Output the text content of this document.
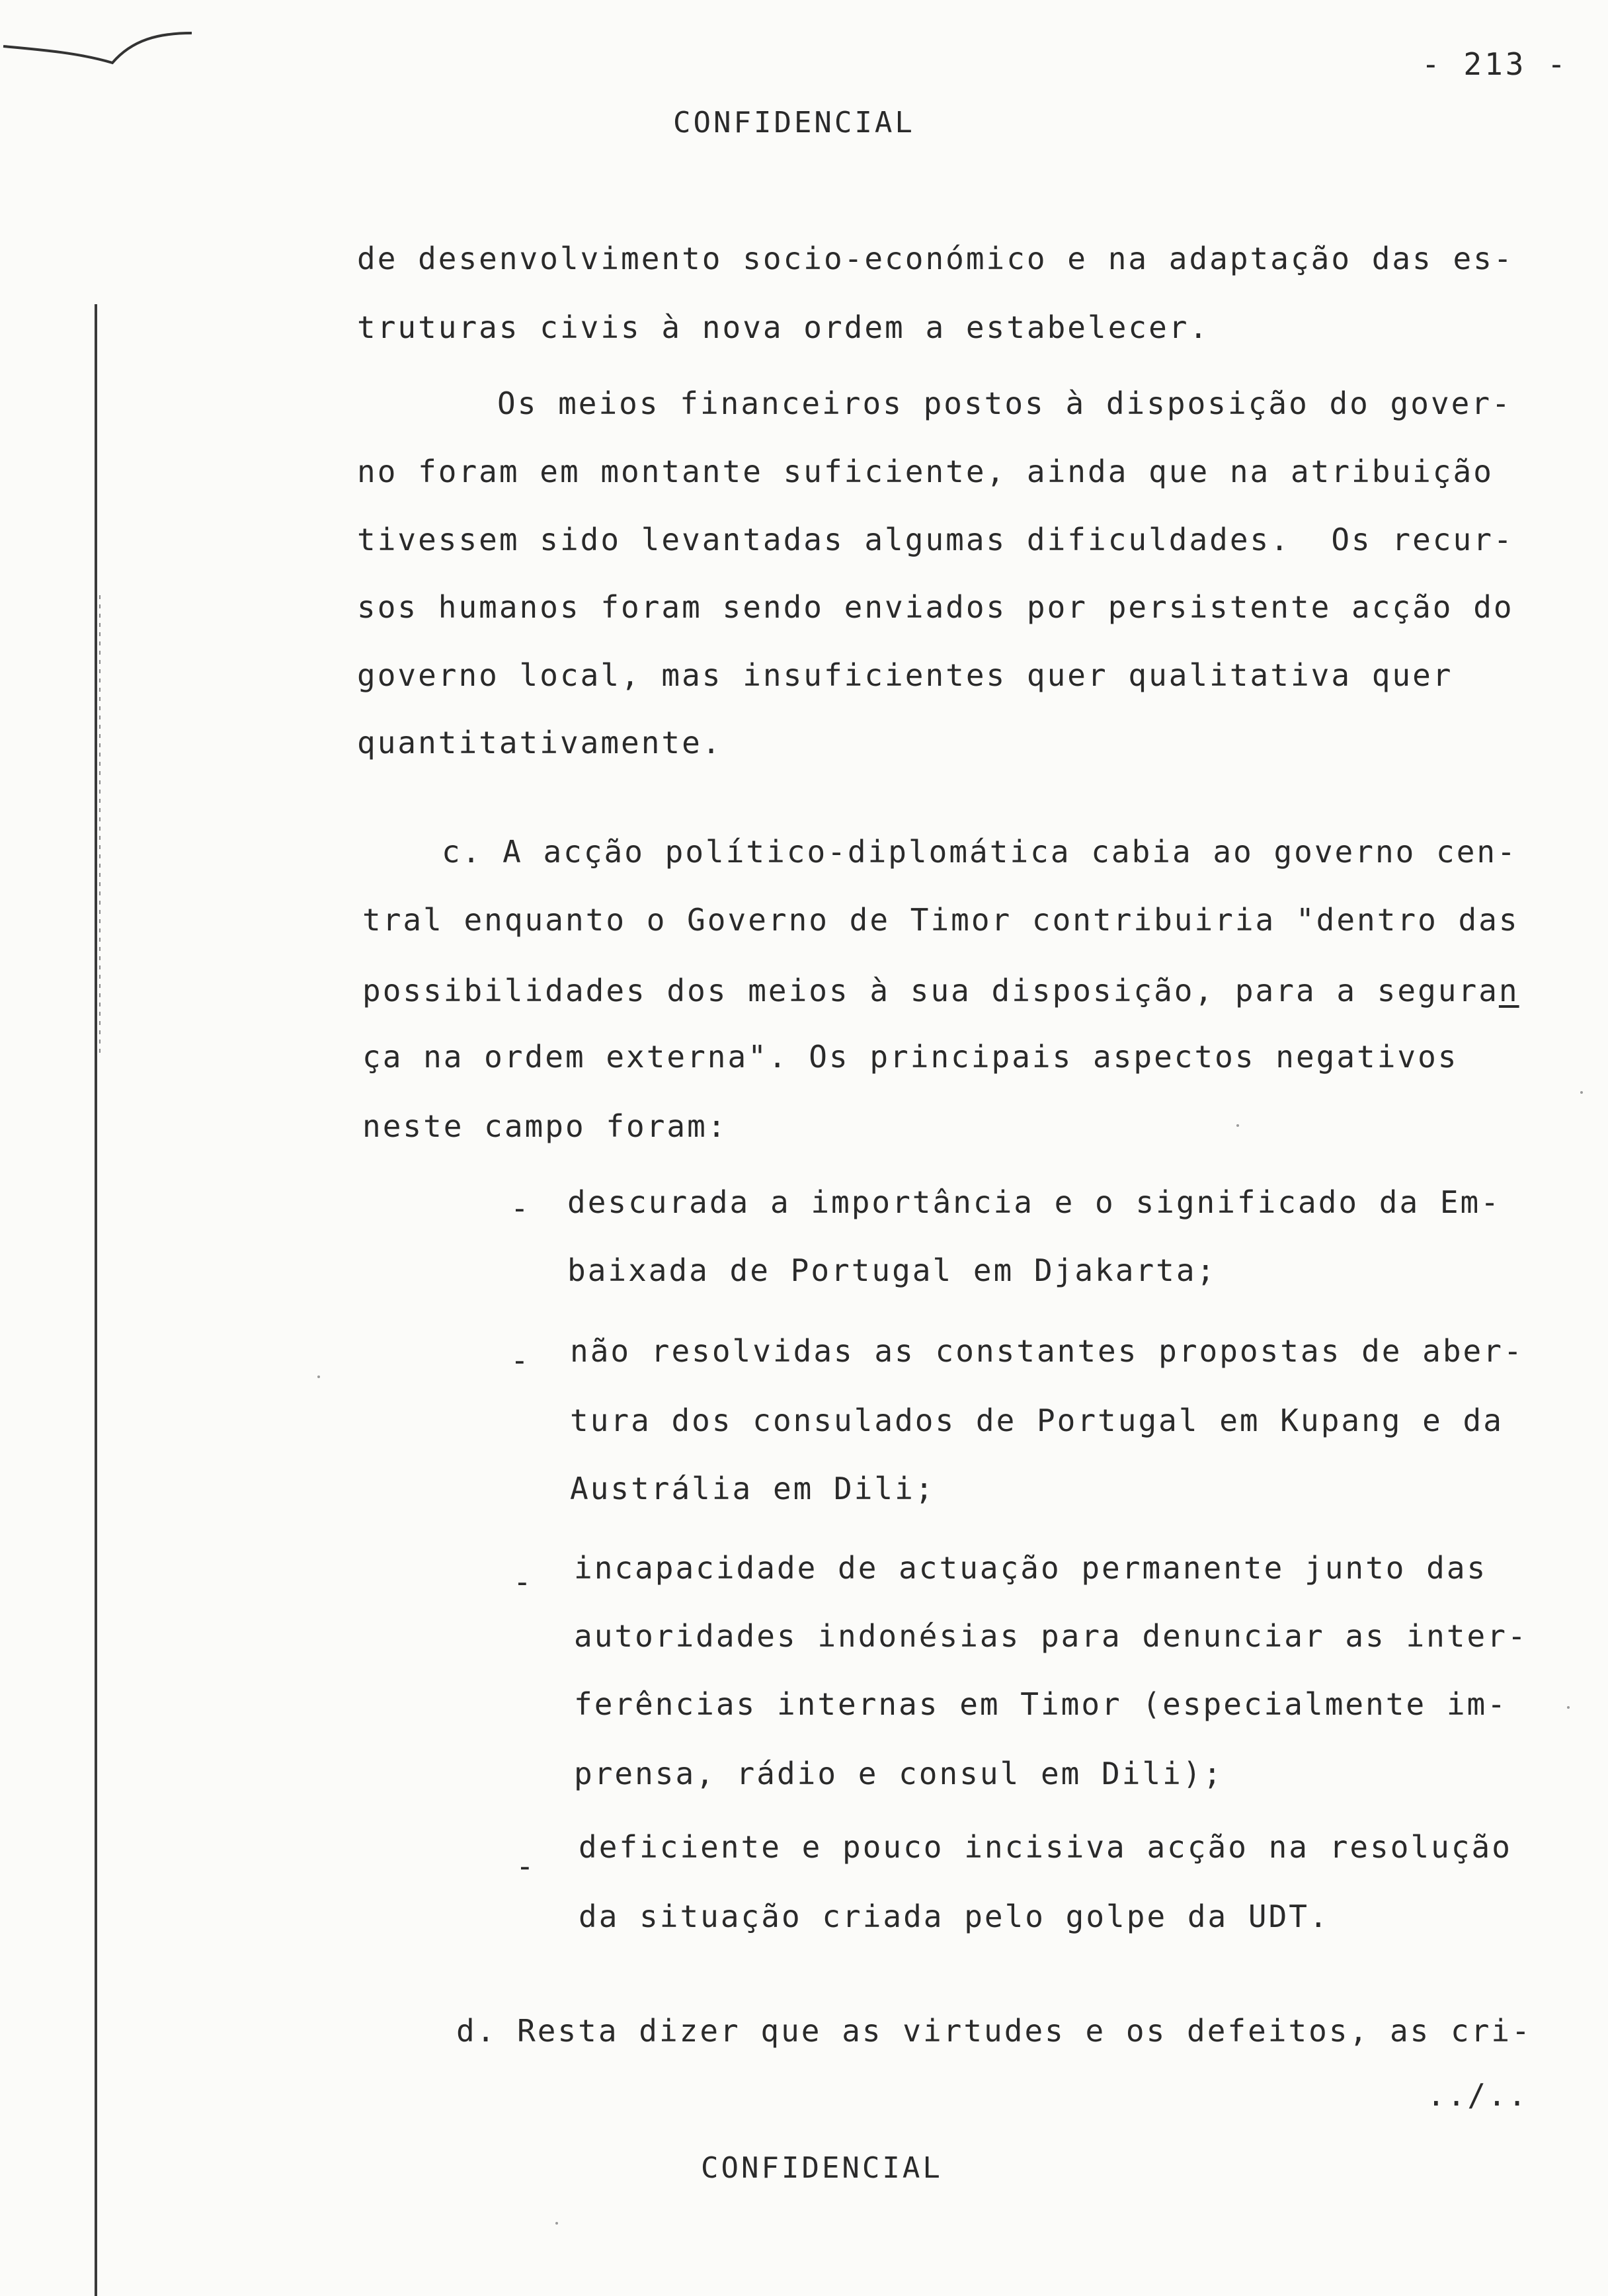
- 213 -
CONFIDENCIAL
de desenvolvimento socio-económico e na adaptação das es-
truturas civis à nova ordem a estabelecer.
Os meios financeiros postos à disposição do gover-
no foram em montante suficiente, ainda que na atribuição
tivessem sido levantadas algumas dificuldades.  Os recur-
sos humanos foram sendo enviados por persistente acção do
governo local, mas insuficientes quer qualitativa quer
quantitativamente.
c. A acção político-diplomática cabia ao governo cen-
tral enquanto o Governo de Timor contribuiria "dentro das
possibilidades dos meios à sua disposição, para a seguran
ça na ordem externa". Os principais aspectos negativos
neste campo foram:
- descurada a importância e o significado da Em-
baixada de Portugal em Djakarta;
- não resolvidas as constantes propostas de aber-
tura dos consulados de Portugal em Kupang e da
Austrália em Dili;
- incapacidade de actuação permanente junto das
autoridades indonésias para denunciar as inter-
ferências internas em Timor (especialmente im-
prensa, rádio e consul em Dili);
-
deficiente e pouco incisiva acção na resolução
da situação criada pelo golpe da UDT.
d. Resta dizer que as virtudes e os defeitos, as cri-
../..
CONFIDENCIAL
